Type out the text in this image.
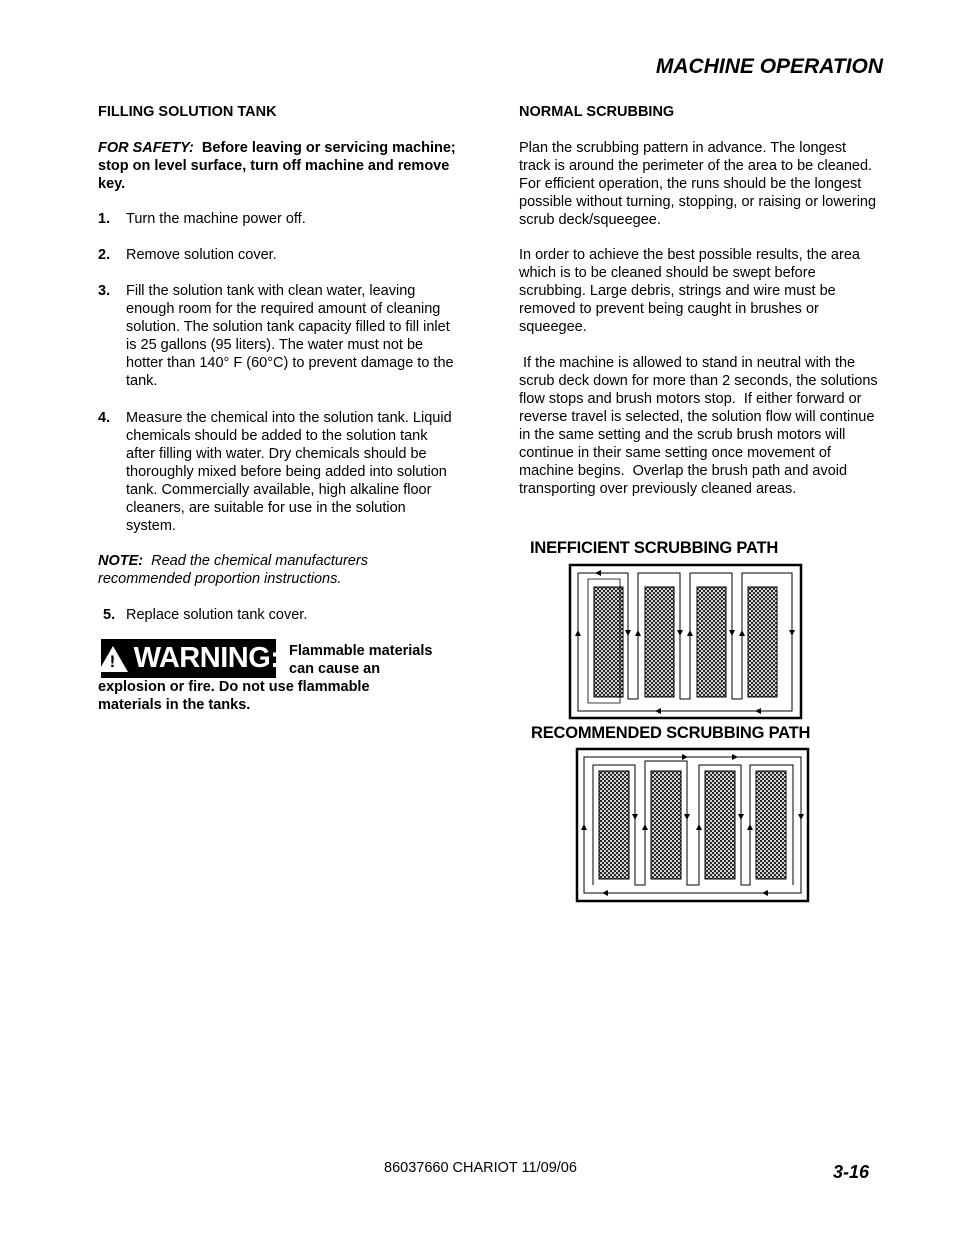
MACHINE OPERATION
FILLING SOLUTION TANK
FOR SAFETY: Before leaving or servicing machine; stop on level surface, turn off machine and remove key.
1. Turn the machine power off.
2. Remove solution cover.
3. Fill the solution tank with clean water, leaving enough room for the required amount of cleaning solution. The solution tank capacity filled to fill inlet is 25 gallons (95 liters). The water must not be hotter than 140° F (60°C) to prevent damage to the tank.
4. Measure the chemical into the solution tank. Liquid chemicals should be added to the solution tank after filling with water. Dry chemicals should be thoroughly mixed before being added into solution tank. Commercially available, high alkaline floor cleaners, are suitable for use in the solution system.
NOTE: Read the chemical manufacturers recommended proportion instructions.
5. Replace solution tank cover.
! WARNING: Flammable materials
can cause an
explosion or fire. Do not use flammable materials in the tanks.
NORMAL SCRUBBING
Plan the scrubbing pattern in advance. The longest track is around the perimeter of the area to be cleaned. For efficient operation, the runs should be the longest possible without turning, stopping, or raising or lowering scrub deck/squeegee.
In order to achieve the best possible results, the area which is to be cleaned should be swept before scrubbing. Large debris, strings and wire must be removed to prevent being caught in brushes or squeegee.
If the machine is allowed to stand in neutral with the scrub deck down for more than 2 seconds, the solutions flow stops and brush motors stop.  If either forward or reverse travel is selected, the solution flow will continue in the same setting and the scrub brush motors will continue in their same setting once movement of machine begins.  Overlap the brush path and avoid transporting over previously cleaned areas.
INEFFICIENT SCRUBBING PATH
RECOMMENDED SCRUBBING PATH
86037660 CHARIOT 11/09/06	3-16
